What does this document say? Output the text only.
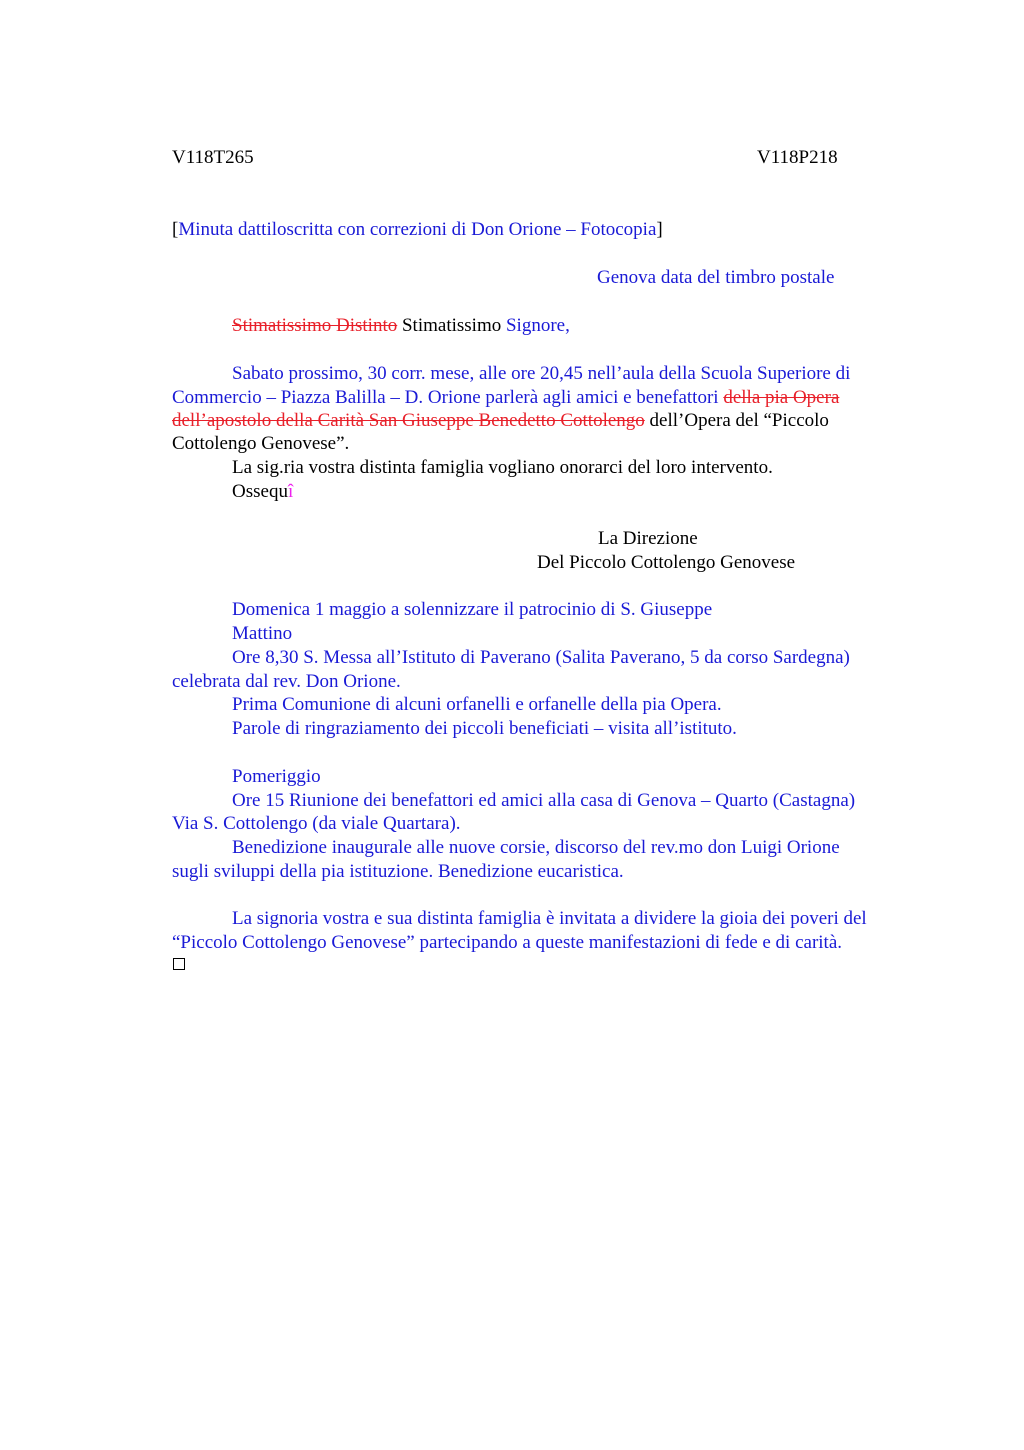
V118T265	V118P218
[Minuta dattiloscritta con correzioni di Don Orione – Fotocopia]
Genova data del timbro postale
Stimatissimo Distinto Stimatissimo Signore,
Sabato prossimo, 30 corr. mese, alle ore 20,45 nell’aula della Scuola Superiore di
Commercio – Piazza Balilla – D. Orione parlerà agli amici e benefattori della pia Opera
dell’apostolo della Carità San Giuseppe Benedetto Cottolengo dell’Opera del “Piccolo
Cottolengo Genovese”.
La sig.ria vostra distinta famiglia vogliano onorarci del loro intervento.
Ossequî
La Direzione
Del Piccolo Cottolengo Genovese
Domenica 1 maggio a solennizzare il patrocinio di S. Giuseppe
Mattino
Ore 8,30 S. Messa all’Istituto di Paverano (Salita Paverano, 5 da corso Sardegna)
celebrata dal rev. Don Orione.
Prima Comunione di alcuni orfanelli e orfanelle della pia Opera.
Parole di ringraziamento dei piccoli beneficiati – visita all’istituto.
Pomeriggio
Ore 15 Riunione dei benefattori ed amici alla casa di Genova – Quarto (Castagna)
Via S. Cottolengo (da viale Quartara).
Benedizione inaugurale alle nuove corsie, discorso del rev.mo don Luigi Orione
sugli sviluppi della pia istituzione. Benedizione eucaristica.
La signoria vostra e sua distinta famiglia è invitata a dividere la gioia dei poveri del
“Piccolo Cottolengo Genovese” partecipando a queste manifestazioni di fede e di carità.
